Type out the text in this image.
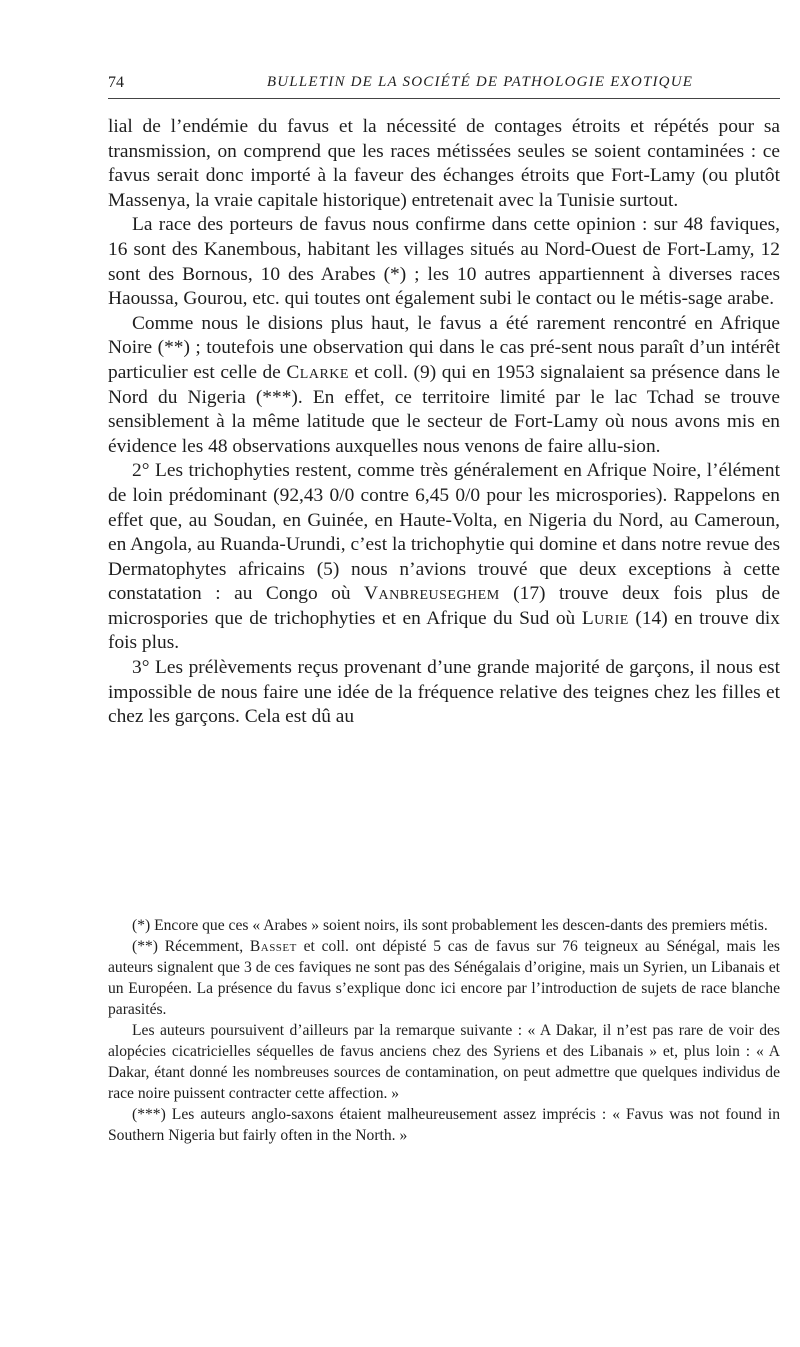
74	BULLETIN DE LA SOCIÉTÉ DE PATHOLOGIE EXOTIQUE

lial de l’endémie du favus et la nécessité de contages étroits et répétés pour sa transmission, on comprend que les races métissées seules se soient contaminées : ce favus serait donc importé à la faveur des échanges étroits que Fort-Lamy (ou plutôt Massenya, la vraie capitale historique) entretenait avec la Tunisie surtout.

La race des porteurs de favus nous confirme dans cette opinion : sur 48 faviques, 16 sont des Kanembous, habitant les villages situés au Nord-Ouest de Fort-Lamy, 12 sont des Bornous, 10 des Arabes (*) ; les 10 autres appartiennent à diverses races Haoussa, Gourou, etc. qui toutes ont également subi le contact ou le métis-sage arabe.

Comme nous le disions plus haut, le favus a été rarement rencontré en Afrique Noire (**) ; toutefois une observation qui dans le cas pré-sent nous paraît d’un intérêt particulier est celle de Clarke et coll. (9) qui en 1953 signalaient sa présence dans le Nord du Nigeria (***). En effet, ce territoire limité par le lac Tchad se trouve sensiblement à la même latitude que le secteur de Fort-Lamy où nous avons mis en évidence les 48 observations auxquelles nous venons de faire allu-sion.

2° Les trichophyties restent, comme très généralement en Afrique Noire, l’élément de loin prédominant (92,43 0/0 contre 6,45 0/0 pour les microspories). Rappelons en effet que, au Soudan, en Guinée, en Haute-Volta, en Nigeria du Nord, au Cameroun, en Angola, au Ruanda-Urundi, c’est la trichophytie qui domine et dans notre revue des Dermatophytes africains (5) nous n’avions trouvé que deux exceptions à cette constatation : au Congo où Vanbreuseghem (17) trouve deux fois plus de microspories que de trichophyties et en Afrique du Sud où Lurie (14) en trouve dix fois plus.

3° Les prélèvements reçus provenant d’une grande majorité de garçons, il nous est impossible de nous faire une idée de la fréquence relative des teignes chez les filles et chez les garçons. Cela est dû au

(*) Encore que ces « Arabes » soient noirs, ils sont probablement les descen-dants des premiers métis.

(**) Récemment, Basset et coll. ont dépisté 5 cas de favus sur 76 teigneux au Sénégal, mais les auteurs signalent que 3 de ces faviques ne sont pas des Sénégalais d’origine, mais un Syrien, un Libanais et un Européen. La présence du favus s’explique donc ici encore par l’introduction de sujets de race blanche parasités.

Les auteurs poursuivent d’ailleurs par la remarque suivante : « A Dakar, il n’est pas rare de voir des alopécies cicatricielles séquelles de favus anciens chez des Syriens et des Libanais » et, plus loin : « A Dakar, étant donné les nombreuses sources de contamination, on peut admettre que quelques individus de race noire puissent contracter cette affection. »

(***) Les auteurs anglo-saxons étaient malheureusement assez imprécis : « Favus was not found in Southern Nigeria but fairly often in the North. »
